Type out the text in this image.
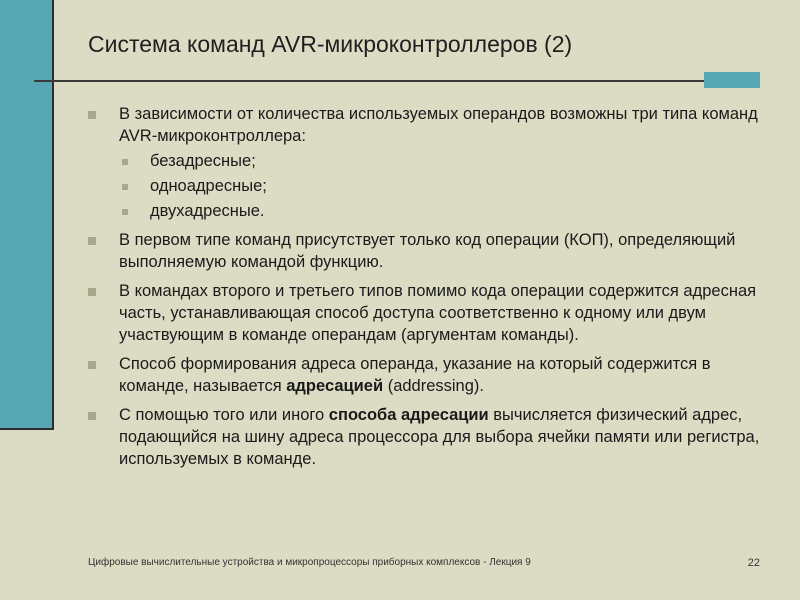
Система команд AVR-микроконтроллеров (2)
В зависимости от количества используемых операндов возможны три типа команд AVR-микроконтроллера:
безадресные;
одноадресные;
двухадресные.
В первом типе команд присутствует только код операции (КОП), определяющий выполняемую командой функцию.
В командах второго и третьего типов помимо кода операции содержится адресная часть, устанавливающая способ доступа соответственно к одному или двум участвующим в команде операндам (аргументам команды).
Способ формирования адреса операнда, указание на который содержится в команде, называется адресацией (addressing).
С помощью того или иного способа адресации вычисляется физический адрес, подающийся на шину адреса процессора для выбора ячейки памяти или регистра, используемых в команде.
Цифровые вычислительные устройства и микропроцессоры приборных комплексов - Лекция 9	22
